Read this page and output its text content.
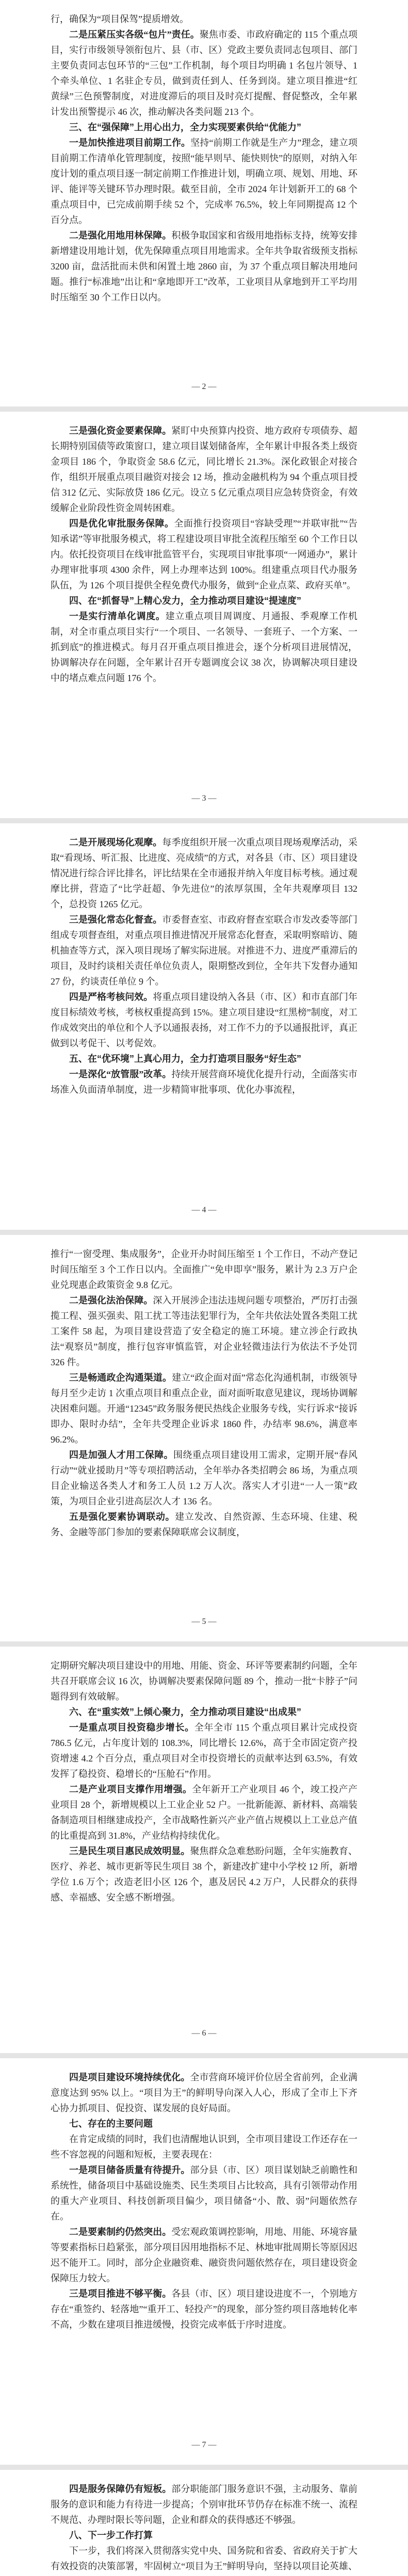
行，确保为“项目保驾”提质增效。

二是压紧压实各级“包片”责任。聚焦市委、市政府确定的 115 个重点项目，实行市级领导领衔包片、县（市、区）党政主要负责同志包项目、部门主要负责同志包环节的“三包”工作机制，每个项目均明确 1 名包片领导、1 个牵头单位、1 名驻企专员，做到责任到人、任务到岗。建立项目推进“红黄绿”三色预警制度，对进度滞后的项目及时亮灯提醒、督促整改，全年累计发出预警提示 46 次，推动解决各类问题 213 个。

三、在“强保障”上用心出力，全力实现要素供给“优能力”

一是加快推进项目前期工作。坚持“前期工作就是生产力”理念，建立项目前期工作清单化管理制度，按照“能早则早、能快则快”的原则，对纳入年度计划的重点项目逐一制定前期工作推进计划，明确立项、规划、用地、环评、能评等关键环节办理时限。截至目前，全市 2024 年计划新开工的 68 个重点项目中，已完成前期手续 52 个，完成率 76.5%，较上年同期提高 12 个百分点。

二是强化用地用林保障。积极争取国家和省级用地指标支持，统筹安排新增建设用地计划，优先保障重点项目用地需求。全年共争取省级预支指标 3200 亩，盘活批而未供和闲置土地 2860 亩，为 37 个重点项目解决用地问题。推行“标准地”出让和“拿地即开工”改革，工业项目从拿地到开工平均用时压缩至 30 个工作日以内。

— 2 —

三是强化资金要素保障。紧盯中央预算内投资、地方政府专项债券、超长期特别国债等政策窗口，建立项目谋划储备库，全年累计申报各类上级资金项目 186 个，争取资金 58.6 亿元，同比增长 21.3%。深化政银企对接合作，组织开展重点项目融资对接会 12 场，推动金融机构为 94 个重点项目授信 312 亿元、实际放贷 186 亿元。设立 5 亿元重点项目应急转贷资金，有效缓解企业阶段性资金周转困难。

四是优化审批服务保障。全面推行投资项目“容缺受理”“并联审批”“告知承诺”等审批服务模式，将工程建设项目审批全流程压缩至 60 个工作日以内。依托投资项目在线审批监管平台，实现项目审批事项“一网通办”，累计办理审批事项 4300 余件，网上办理率达到 100%。组建重点项目代办服务队伍，为 126 个项目提供全程免费代办服务，做到“企业点菜、政府买单”。

四、在“抓督导”上精心发力，全力推动项目建设“提速度”

一是实行清单化调度。建立重点项目周调度、月通报、季观摩工作机制，对全市重点项目实行“一个项目、一名领导、一套班子、一个方案、一抓到底”的推进模式。每月召开重点项目推进会，逐个分析项目进展情况，协调解决存在问题，全年累计召开专题调度会议 38 次，协调解决项目建设中的堵点难点问题 176 个。

— 3 —

二是开展现场化观摩。每季度组织开展一次重点项目现场观摩活动，采取“看现场、听汇报、比进度、亮成绩”的方式，对各县（市、区）项目建设情况进行综合评比排名，评比结果在全市通报并纳入年度目标考核。通过观摩比拼，营造了“比学赶超、争先进位”的浓厚氛围，全年共观摩项目 132 个，总投资 1265 亿元。

三是强化常态化督查。市委督查室、市政府督查室联合市发改委等部门组成专项督查组，对重点项目推进情况开展常态化督查，采取明察暗访、随机抽查等方式，深入项目现场了解实际进展。对推进不力、进度严重滞后的项目，及时约谈相关责任单位负责人，限期整改到位，全年共下发督办通知 27 份，约谈责任单位 9 个。

四是严格考核问效。将重点项目建设纳入各县（市、区）和市直部门年度目标绩效考核，考核权重提高到 15%。建立项目建设“红黑榜”制度，对工作成效突出的单位和个人予以通报表扬，对工作不力的予以通报批评，真正做到以考促干、以考促效。

五、在“优环境”上真心用力，全力打造项目服务“好生态”

一是深化“放管服”改革。持续开展营商环境优化提升行动，全面落实市场准入负面清单制度，进一步精简审批事项、优化办事流程，

— 4 —

推行“一窗受理、集成服务”，企业开办时间压缩至 1 个工作日，不动产登记时间压缩至 3 个工作日以内。全面推广“免申即享”服务，累计为 2.3 万户企业兑现惠企政策资金 9.8 亿元。

二是强化法治保障。深入开展涉企违法违规问题专项整治，严厉打击强揽工程、强买强卖、阻工扰工等违法犯罪行为，全年共依法处置各类阻工扰工案件 58 起，为项目建设营造了安全稳定的施工环境。建立涉企行政执法“观察员”制度，推行包容审慎监管，对企业轻微违法行为依法不予处罚 326 件。

三是畅通政企沟通渠道。建立“政企面对面”常态化沟通机制，市级领导每月至少走访 1 次重点项目和重点企业，面对面听取意见建议，现场协调解决困难问题。开通“12345”政务服务便民热线企业服务专线，实行诉求“接诉即办、限时办结”，全年共受理企业诉求 1860 件，办结率 98.6%，满意率 96.2%。

四是加强人才用工保障。围绕重点项目建设用工需求，定期开展“春风行动”“就业援助月”等专项招聘活动，全年举办各类招聘会 86 场，为重点项目企业输送各类人才和务工人员 1.2 万人次。落实人才引进“一人一策”政策，为项目企业引进高层次人才 136 名。

五是强化要素协调联动。建立发改、自然资源、生态环境、住建、税务、金融等部门参加的要素保障联席会议制度，

— 5 —

定期研究解决项目建设中的用地、用能、资金、环评等要素制约问题，全年共召开联席会议 16 次，协调解决要素保障问题 89 个，推动一批“卡脖子”问题得到有效破解。

六、在“重实效”上倾心聚力，全力推动项目建设“出成果”

一是重点项目投资稳步增长。全年全市 115 个重点项目累计完成投资 786.5 亿元，占年度计划的 108.3%，同比增长 12.6%，高于全市固定资产投资增速 4.2 个百分点，重点项目对全市投资增长的贡献率达到 63.5%，有效发挥了稳投资、稳增长的“压舱石”作用。

二是产业项目支撑作用增强。全年新开工产业项目 46 个，竣工投产产业项目 28 个，新增规模以上工业企业 52 户。一批新能源、新材料、高端装备制造项目相继建成投产，全市战略性新兴产业产值占规模以上工业总产值的比重提高到 31.8%，产业结构持续优化。

三是民生项目惠民成效明显。聚焦群众急难愁盼问题，全年实施教育、医疗、养老、城市更新等民生项目 38 个，新建改扩建中小学校 12 所，新增学位 1.6 万个；改造老旧小区 126 个，惠及居民 4.2 万户，人民群众的获得感、幸福感、安全感不断增强。

— 6 —

四是项目建设环境持续优化。全市营商环境评价位居全省前列，企业满意度达到 95% 以上。“项目为王”的鲜明导向深入人心，形成了全市上下齐心协力抓项目、促投资、谋发展的良好局面。

七、存在的主要问题

在肯定成绩的同时，我们也清醒地认识到，全市项目建设工作还存在一些不容忽视的问题和短板，主要表现在：

一是项目储备质量有待提升。部分县（市、区）项目谋划缺乏前瞻性和系统性，储备项目中基础设施类、民生类项目占比较高，具有引领带动作用的重大产业项目、科技创新项目偏少，项目储备“小、散、弱”问题依然存在。

二是要素制约仍然突出。受宏观政策调控影响，用地、用能、环境容量等要素指标日趋紧张，部分项目因用地指标不足、林地审批周期长等原因迟迟不能开工。同时，部分企业融资难、融资贵问题依然存在，项目建设资金保障压力较大。

三是项目推进不够平衡。各县（市、区）项目建设进度不一，个别地方存在“重签约、轻落地”“重开工、轻投产”的现象，部分签约项目落地转化率不高，少数在建项目推进缓慢，投资完成率低于序时进度。

— 7 —

四是服务保障仍有短板。部分职能部门服务意识不强，主动服务、靠前服务的意识和能力有待进一步提高；个别审批环节仍存在标准不统一、流程不规范、办理时限长等问题，企业和群众的获得感还不够强。

八、下一步工作打算

下一步，我们将深入贯彻落实党中央、国务院和省委、省政府关于扩大有效投资的决策部署，牢固树立“项目为王”鲜明导向，坚持以项目论英雄、
